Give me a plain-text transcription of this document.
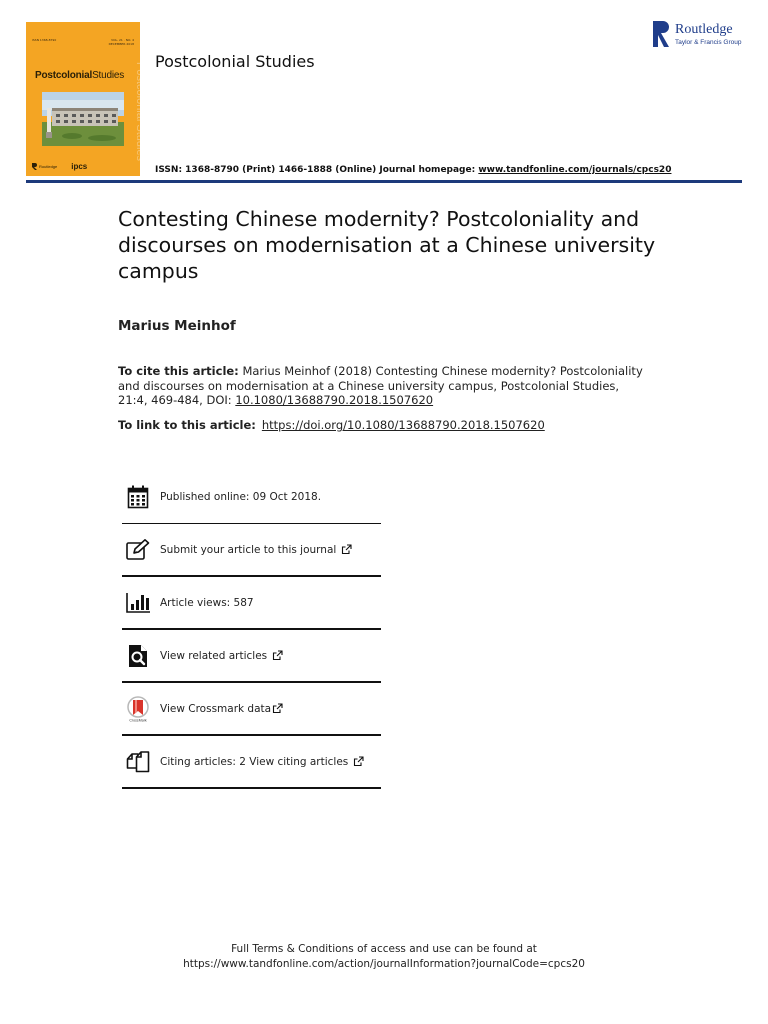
ISSN 1368-8790	VOL. 21 · NO. 4
DECEMBER 2018
Postcolonial Studies
PostcolonialStudies
Routledge ipcs
Postcolonial Studies
Routledge
Taylor & Francis Group
ISSN: 1368-8790 (Print) 1466-1888 (Online) Journal homepage: www.tandfonline.com/journals/cpcs20
Contesting Chinese modernity? Postcoloniality and discourses on modernisation at a Chinese university campus
Marius Meinhof
To cite this article: Marius Meinhof (2018) Contesting Chinese modernity? Postcoloniality and discourses on modernisation at a Chinese university campus, Postcolonial Studies, 21:4, 469-484, DOI: 10.1080/13688790.2018.1507620
To link to this article: https://doi.org/10.1080/13688790.2018.1507620
Published online: 09 Oct 2018.
Submit your article to this journal
Article views: 587
View related articles
CrossMark
View Crossmark data
Citing articles: 2 View citing articles
Full Terms & Conditions of access and use can be found at
https://www.tandfonline.com/action/journalInformation?journalCode=cpcs20
